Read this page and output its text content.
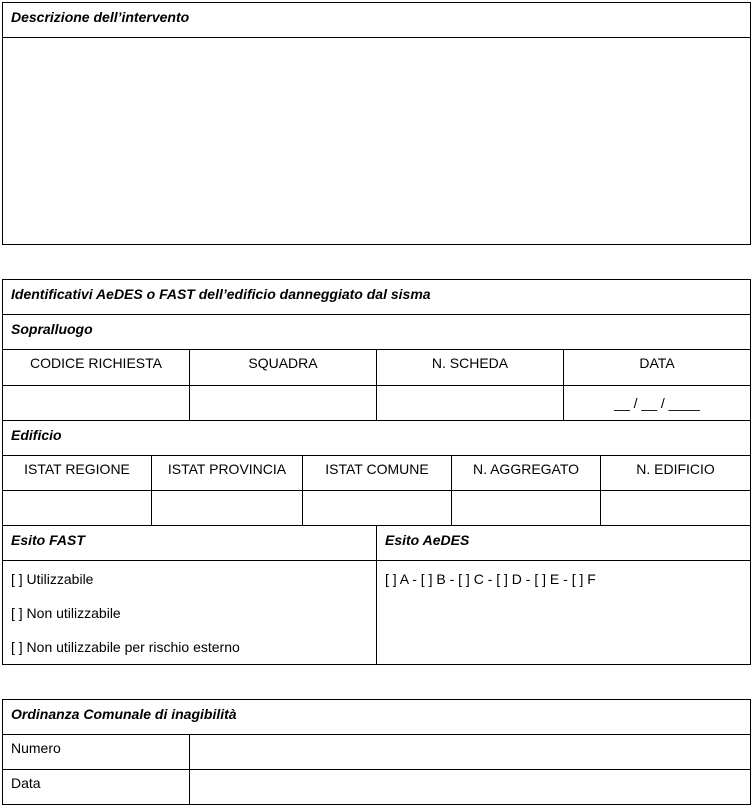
Descrizione dell’intervento

Identificativi AeDES o FAST dell’edificio danneggiato dal sisma							
Sopralluogo							
CODICE RICHIESTA		SQUADRA		N. SCHEDA		DATA	
						__ / __ / ____	
Edificio							
ISTAT REGIONE	ISTAT PROVINCIA		ISTAT COMUNE		N. AGGREGATO		N. EDIFICIO

Esito FAST				Esito AeDES			

[ ] Utilizzabile
[ ] Non utilizzabile
[ ] Non utilizzabile per rischio esterno				[ ] A - [ ] B - [ ] C - [ ] D - [ ] E - [ ] F			
Ordinanza Comunale di inagibilità	
Numero	
Data	
